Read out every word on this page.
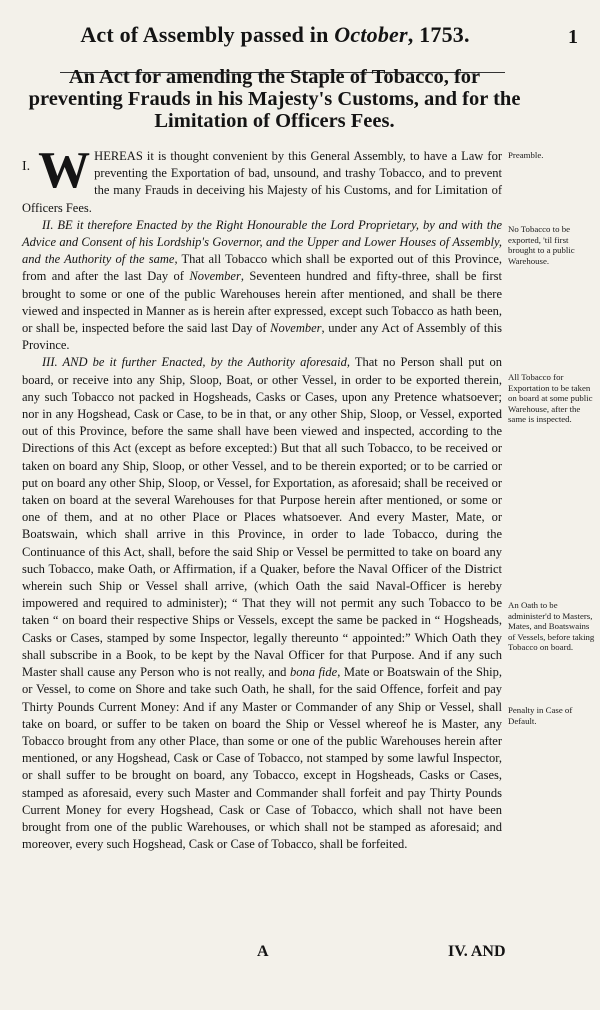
Act of Assembly passed in October, 1753.	1
An Act for amending the Staple of Tobacco, for preventing Frauds in his Majesty's Customs, and for the Limitation of Officers Fees.

I. W HEREAS it is thought convenient by this General Assembly, to have a Law for preventing the Exportation of bad, unsound, and trashy Tobacco, and to prevent the many Frauds in deceiving his Majesty of his Customs, and for Limitation of Officers Fees.

II. BE it therefore Enacted by the Right Honourable the Lord Proprietary, by and with the Advice and Consent of his Lordship's Governor, and the Upper and Lower Houses of Assembly, and the Authority of the same, That all Tobacco which shall be exported out of this Province, from and after the last Day of November, Seventeen hundred and fifty-three, shall be first brought to some or one of the public Warehouses herein after mentioned, and shall be there viewed and inspected in Manner as is herein after expressed, except such Tobacco as hath been, or shall be, inspected before the said last Day of November, under any Act of Assembly of this Province.

III. AND be it further Enacted, by the Authority aforesaid, That no Person shall put on board, or receive into any Ship, Sloop, Boat, or other Vessel, in order to be exported therein, any such Tobacco not packed in Hogsheads, Casks or Cases, upon any Pretence whatsoever; nor in any Hogshead, Cask or Case, to be in that, or any other Ship, Sloop, or Vessel, exported out of this Province, before the same shall have been viewed and inspected, according to the Directions of this Act (except as before excepted:) But that all such Tobacco, to be received or taken on board any Ship, Sloop, or other Vessel, and to be therein exported; or to be carried or put on board any other Ship, Sloop, or Vessel, for Exportation, as aforesaid; shall be received or taken on board at the several Warehouses for that Purpose herein after mentioned, or some or one of them, and at no other Place or Places whatsoever. And every Master, Mate, or Boatswain, which shall arrive in this Province, in order to lade Tobacco, during the Continuance of this Act, shall, before the said Ship or Vessel be permitted to take on board any such Tobacco, make Oath, or Affirmation, if a Quaker, before the Naval Officer of the District wherein such Ship or Vessel shall arrive, (which Oath the said Naval-Officer is hereby impowered and required to administer); “ That they will not permit any such Tobacco to be taken “ on board their respective Ships or Vessels, except the same be packed in “ Hogsheads, Casks or Cases, stamped by some Inspector, legally thereunto “ appointed:” Which Oath they shall subscribe in a Book, to be kept by the Naval Officer for that Purpose. And if any such Master shall cause any Person who is not really, and bona fide, Mate or Boatswain of the Ship, or Vessel, to come on Shore and take such Oath, he shall, for the said Offence, forfeit and pay Thirty Pounds Current Money: And if any Master or Commander of any Ship or Vessel, shall take on board, or suffer to be taken on board the Ship or Vessel whereof he is Master, any Tobacco brought from any other Place, than some or one of the public Warehouses herein after mentioned, or any Hogshead, Cask or Case of Tobacco, not stamped by some lawful Inspector, or shall suffer to be brought on board, any Tobacco, except in Hogsheads, Casks or Cases, stamped as aforesaid, every such Master and Commander shall forfeit and pay Thirty Pounds Current Money for every Hogshead, Cask or Case of Tobacco, which shall not have been brought from one of the public Warehouses, or which shall not be stamped as aforesaid; and moreover, every such Hogshead, Cask or Case of Tobacco, shall be forfeited.

Preamble.
No Tobacco to be exported, 'til first brought to a public Warehouse.
All Tobacco for Exportation to be taken on board at some public Warehouse, after the same is inspected.
An Oath to be administer'd to Masters, Mates, and Boatswains of Vessels, before taking Tobacco on board.
Penalty in Case of Default.
A	IV. AND
